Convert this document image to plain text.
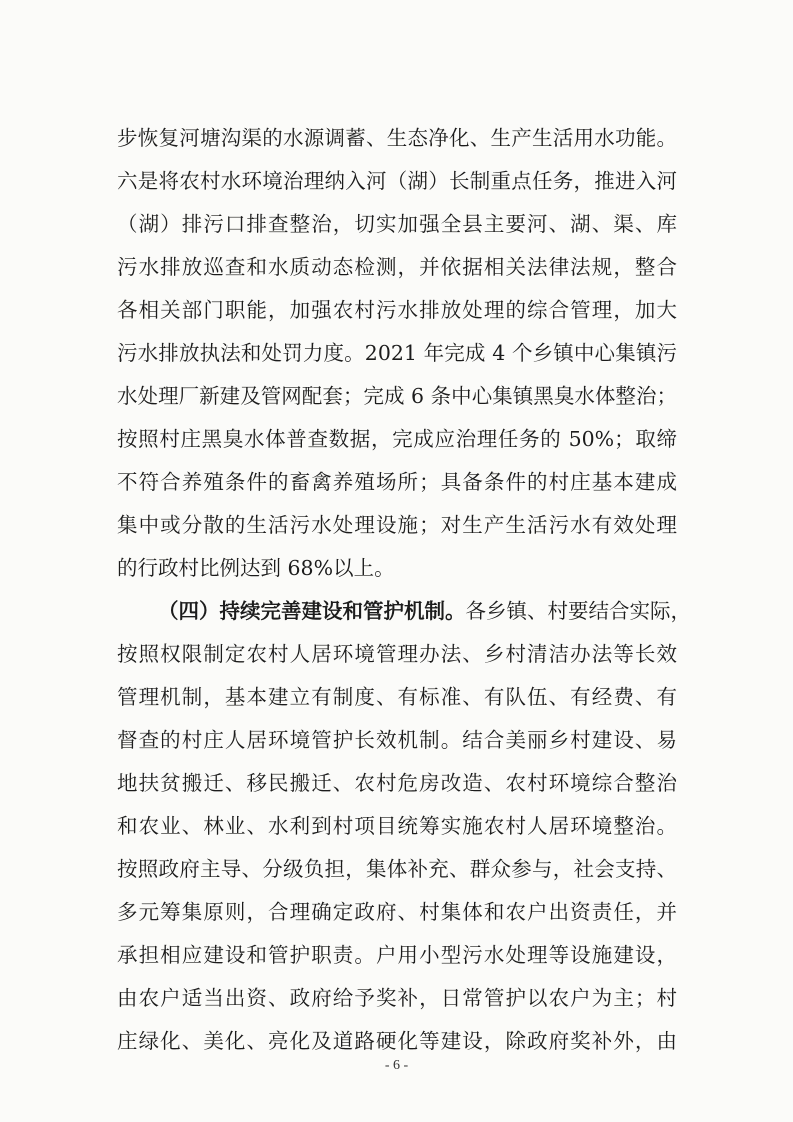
步恢复河塘沟渠的水源调蓄、生态净化、生产生活用水功能。
六是将农村水环境治理纳入河（湖）长制重点任务，推进入河
（湖）排污口排查整治，切实加强全县主要河、湖、渠、库
污水排放巡查和水质动态检测，并依据相关法律法规，整合
各相关部门职能，加强农村污水排放处理的综合管理，加大
污水排放执法和处罚力度。2021 年完成 4 个乡镇中心集镇污
水处理厂新建及管网配套；完成 6 条中心集镇黑臭水体整治；
按照村庄黑臭水体普查数据，完成应治理任务的 50%；取缔
不符合养殖条件的畜禽养殖场所；具备条件的村庄基本建成
集中或分散的生活污水处理设施；对生产生活污水有效处理
的行政村比例达到 68%以上。
（四）持续完善建设和管护机制。各乡镇、村要结合实际，
按照权限制定农村人居环境管理办法、乡村清洁办法等长效
管理机制，基本建立有制度、有标准、有队伍、有经费、有
督查的村庄人居环境管护长效机制。结合美丽乡村建设、易
地扶贫搬迁、移民搬迁、农村危房改造、农村环境综合整治
和农业、林业、水利到村项目统筹实施农村人居环境整治。
按照政府主导、分级负担，集体补充、群众参与，社会支持、
多元筹集原则，合理确定政府、村集体和农户出资责任，并
承担相应建设和管护职责。户用小型污水处理等设施建设，
由农户适当出资、政府给予奖补，日常管护以农户为主；村
庄绿化、美化、亮化及道路硬化等建设，除政府奖补外，由
- 6 -
